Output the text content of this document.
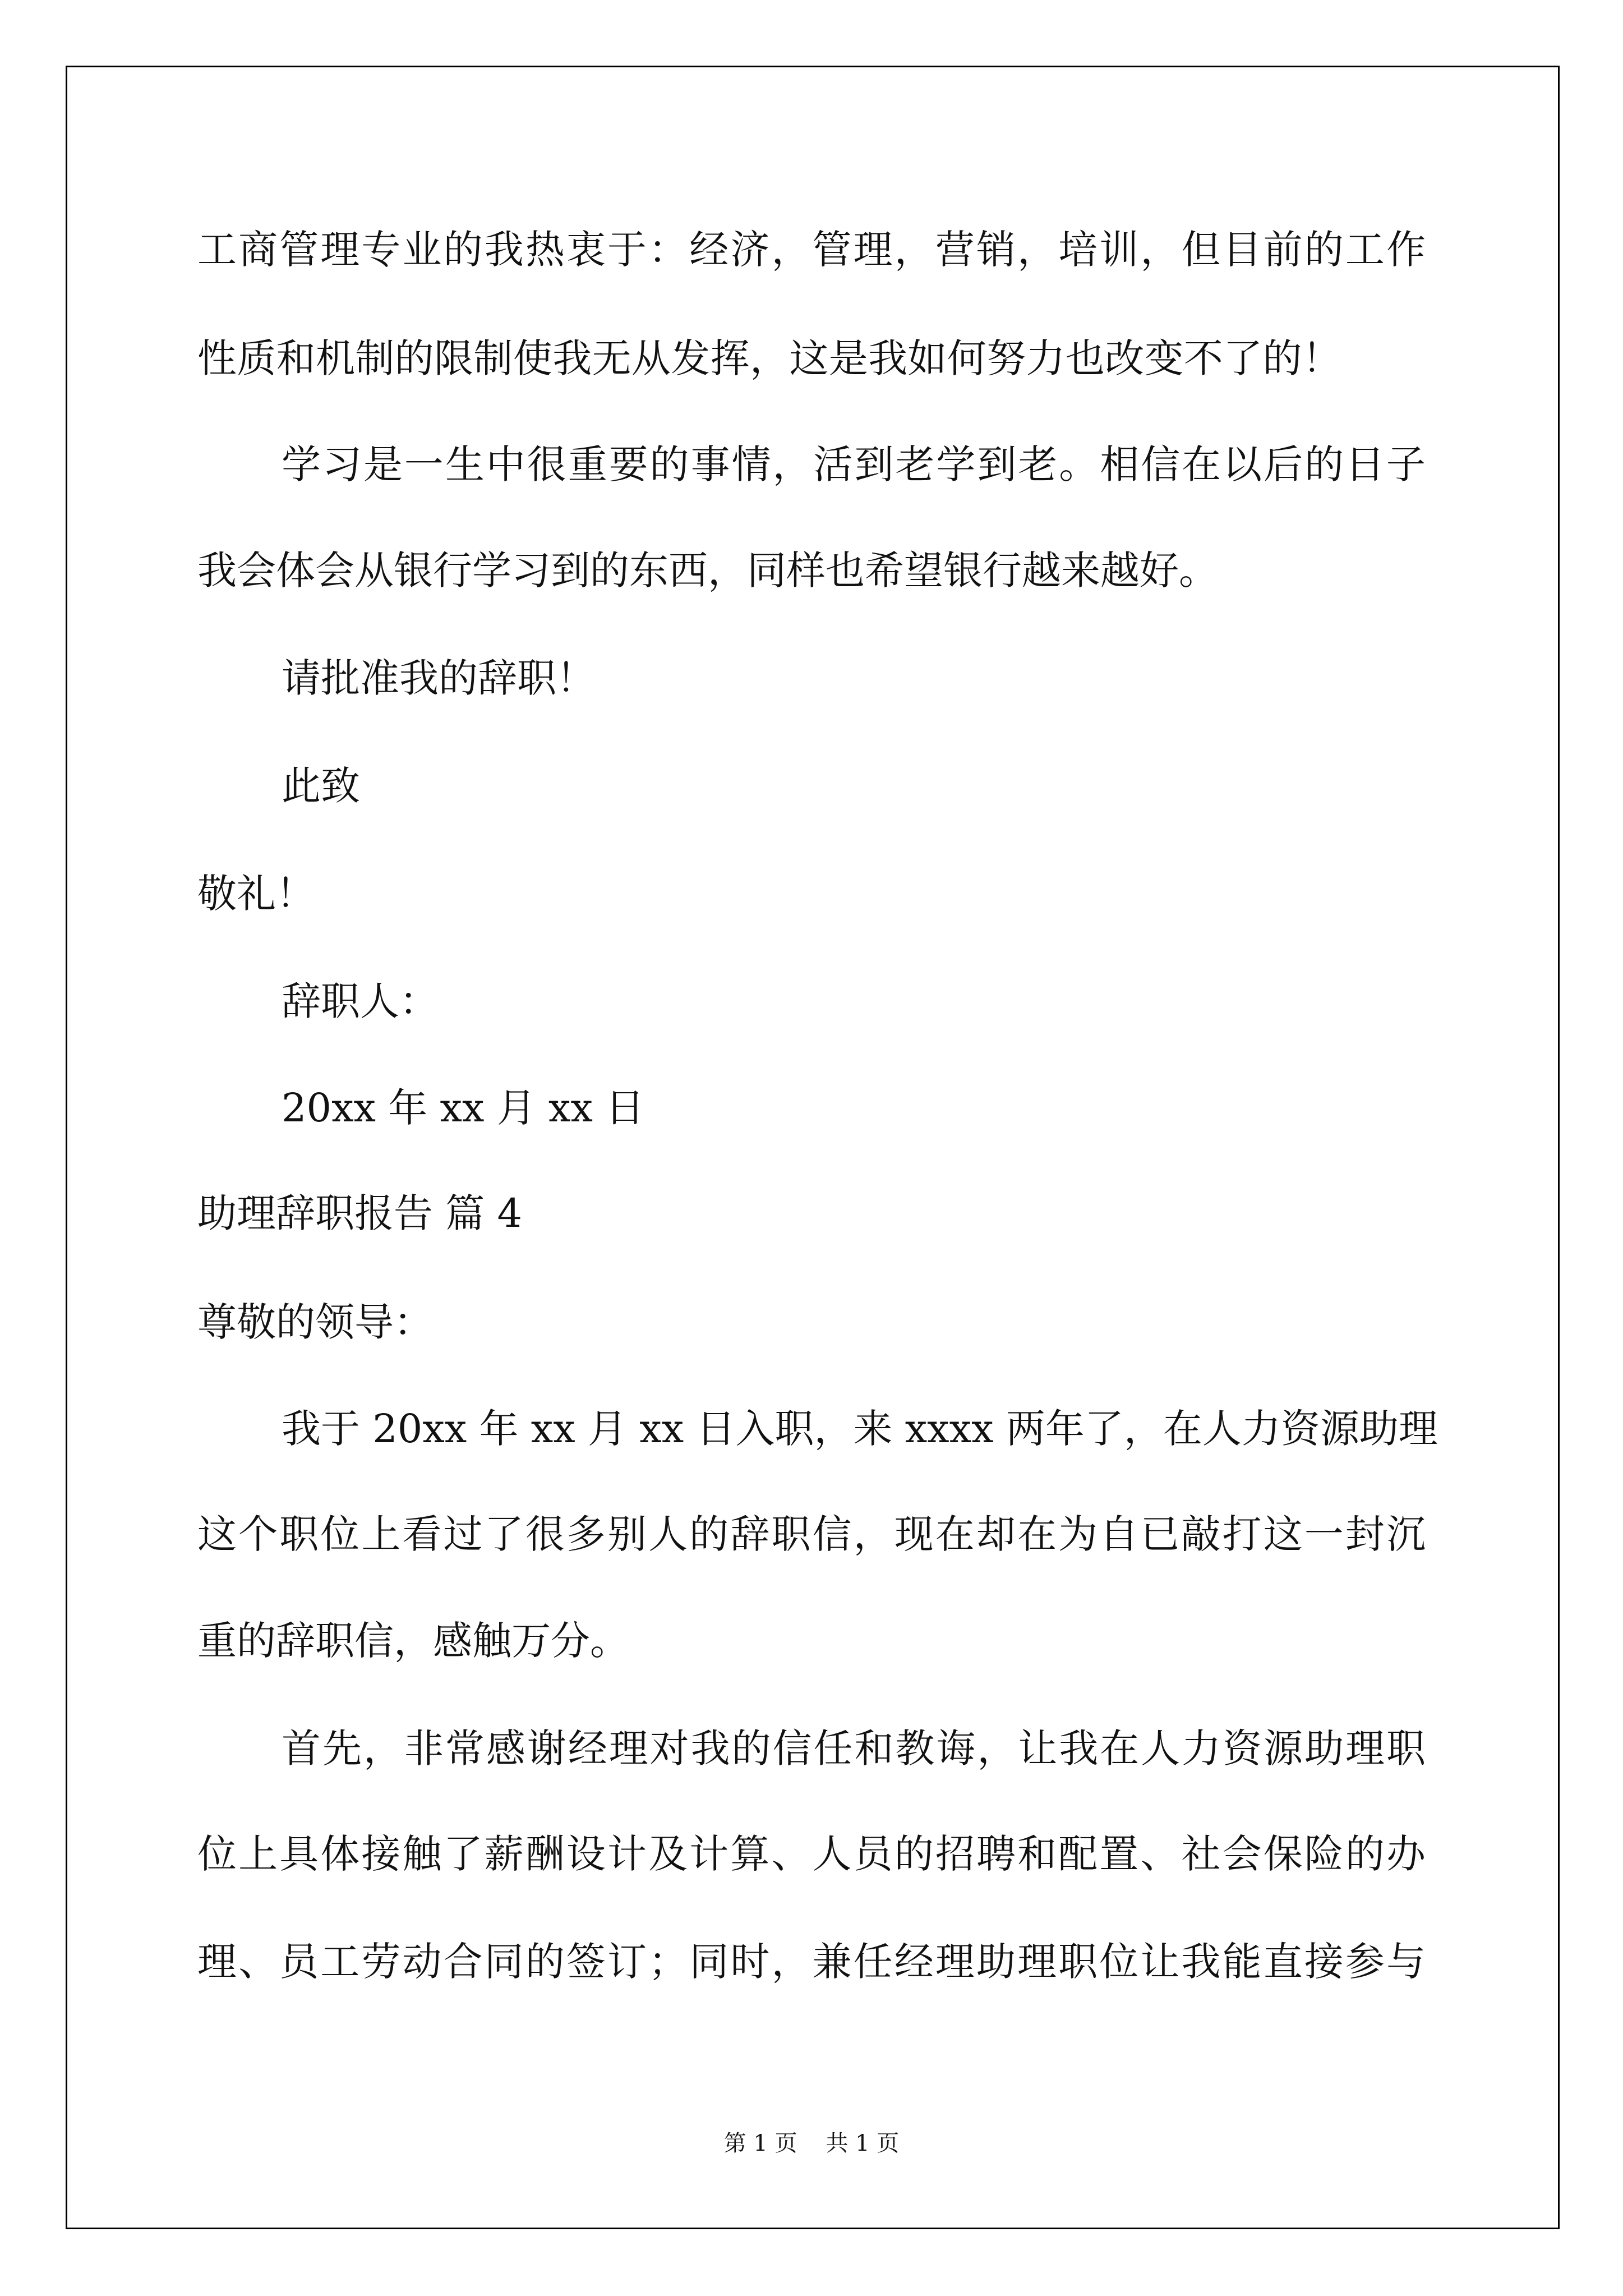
工商管理专业的我热衷于：经济，管理，营销，培训，但目前的工作

性质和机制的限制使我无从发挥，这是我如何努力也改变不了的！

学习是一生中很重要的事情，活到老学到老。相信在以后的日子

我会体会从银行学习到的东西，同样也希望银行越来越好。

请批准我的辞职！

此致

敬礼！

辞职人：

20xx 年 xx 月 xx 日

助理辞职报告 篇 4

尊敬的领导：

我于 20xx 年 xx 月 xx 日入职，来 xxxx 两年了，在人力资源助理

这个职位上看过了很多别人的辞职信，现在却在为自已敲打这一封沉

重的辞职信，感触万分。

首先，非常感谢经理对我的信任和教诲，让我在人力资源助理职

位上具体接触了薪酬设计及计算、人员的招聘和配置、社会保险的办

理、员工劳动合同的签订；同时，兼任经理助理职位让我能直接参与

第 1 页    共 1 页
